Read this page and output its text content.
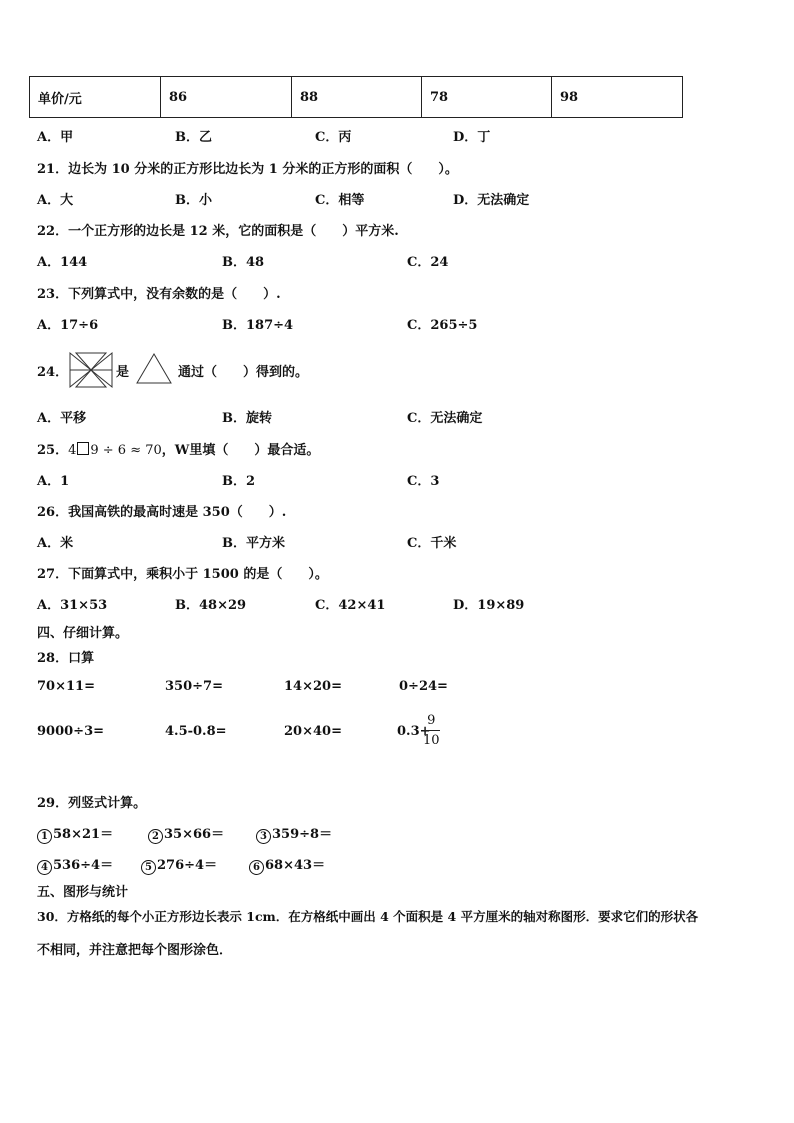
单价/元	86	88	78	98
A．甲	B．乙	C．丙	D．丁
21．边长为 10 分米的正方形比边长为 1 分米的正方形的面积（　　）。
A．大	B．小	C．相等	D．无法确定
22．一个正方形的边长是 12 米，它的面积是（　　）平方米.
A．144	B．48	C．24
23．下列算式中，没有余数的是（　　）.
A．17÷6	B．187÷4	C．265÷5
24．	是	通过（　　）得到的。
A．平移	B．旋转	C．无法确定
25．4 9 ÷ 6 ≈ 70，W里填（　　）最合适。
A．1	B．2	C．3
26．我国高铁的最高时速是 350（　　）.
A．米	B．平方米	C．千米
27．下面算式中，乘积小于 1500 的是（　　）。
A．31×53	B．48×29	C．42×41	D．19×89
四、仔细计算。
28．口算
70×11=	350÷7=	14×20=	0÷24=
9000÷3=	4.5-0.8=	20×40=	0.3+
$\frac{9}{10}$
29．列竖式计算。
1 58×21＝	2 35×66＝	3 359÷8＝
4 536÷4＝	5 276÷4＝	6 68×43＝
五、图形与统计
30．方格纸的每个小正方形边长表示 1cm．在方格纸中画出 4 个面积是 4 平方厘米的轴对称图形．要求它们的形状各
不相同，并注意把每个图形涂色．
